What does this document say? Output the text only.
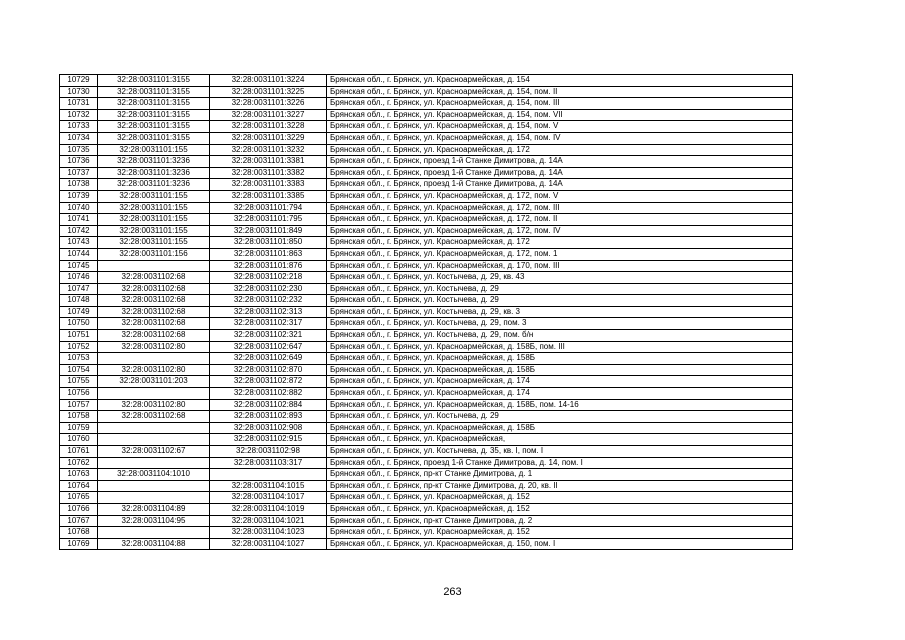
10729	32:28:0031101:3155	32:28:0031101:3224	Брянская обл., г. Брянск, ул. Красноармейская, д. 154
10730	32:28:0031101:3155	32:28:0031101:3225	Брянская обл., г. Брянск, ул. Красноармейская, д. 154, пом. II
10731	32:28:0031101:3155	32:28:0031101:3226	Брянская обл., г. Брянск, ул. Красноармейская, д. 154, пом. III
10732	32:28:0031101:3155	32:28:0031101:3227	Брянская обл., г. Брянск, ул. Красноармейская, д. 154, пом. VII
10733	32:28:0031101:3155	32:28:0031101:3228	Брянская обл., г. Брянск, ул. Красноармейская, д. 154, пом. V
10734	32:28:0031101:3155	32:28:0031101:3229	Брянская обл., г. Брянск, ул. Красноармейская, д. 154, пом. IV
10735	32:28:0031101:155	32:28:0031101:3232	Брянская обл., г. Брянск, ул. Красноармейская, д. 172
10736	32:28:0031101:3236	32:28:0031101:3381	Брянская обл., г. Брянск, проезд 1-й Станке Димитрова, д. 14А
10737	32:28:0031101:3236	32:28:0031101:3382	Брянская обл., г. Брянск, проезд 1-й Станке Димитрова, д. 14А
10738	32:28:0031101:3236	32:28:0031101:3383	Брянская обл., г. Брянск, проезд 1-й Станке Димитрова, д. 14А
10739	32:28:0031101:155	32:28:0031101:3385	Брянская обл., г. Брянск, ул. Красноармейская, д. 172, пом. V
10740	32:28:0031101:155	32:28:0031101:794	Брянская обл., г. Брянск, ул. Красноармейская, д. 172, пом. III
10741	32:28:0031101:155	32:28:0031101:795	Брянская обл., г. Брянск, ул. Красноармейская, д. 172, пом. II
10742	32:28:0031101:155	32:28:0031101:849	Брянская обл., г. Брянск, ул. Красноармейская, д. 172, пом. IV
10743	32:28:0031101:155	32:28:0031101:850	Брянская обл., г. Брянск, ул. Красноармейская, д. 172
10744	32:28:0031101:156	32:28:0031101:863	Брянская обл., г. Брянск, ул. Красноармейская, д. 172, пом. 1
10745		32:28:0031101:876	Брянская обл., г. Брянск, ул. Красноармейская, д. 170, пом. III
10746	32:28:0031102:68	32:28:0031102:218	Брянская обл., г. Брянск, ул. Костычева, д. 29, кв. 43
10747	32:28:0031102:68	32:28:0031102:230	Брянская обл., г. Брянск, ул. Костычева, д. 29
10748	32:28:0031102:68	32:28:0031102:232	Брянская обл., г. Брянск, ул. Костычева, д. 29
10749	32:28:0031102:68	32:28:0031102:313	Брянская обл., г. Брянск, ул. Костычева, д. 29, кв. 3
10750	32:28:0031102:68	32:28:0031102:317	Брянская обл., г. Брянск, ул. Костычева, д. 29, пом. 3
10751	32:28:0031102:68	32:28:0031102:321	Брянская обл., г. Брянск, ул. Костычева, д. 29, пом. б/н
10752	32:28:0031102:80	32:28:0031102:647	Брянская обл., г. Брянск, ул. Красноармейская, д. 158Б, пом. III
10753		32:28:0031102:649	Брянская обл., г. Брянск, ул. Красноармейская, д. 158Б
10754	32:28:0031102:80	32:28:0031102:870	Брянская обл., г. Брянск, ул. Красноармейская, д. 158Б
10755	32:28:0031101:203	32:28:0031102:872	Брянская обл., г. Брянск, ул. Красноармейская, д. 174
10756		32:28:0031102:882	Брянская обл., г. Брянск, ул. Красноармейская, д. 174
10757	32:28:0031102:80	32:28:0031102:884	Брянская обл., г. Брянск, ул. Красноармейская, д. 158Б, пом. 14-16
10758	32:28:0031102:68	32:28:0031102:893	Брянская обл., г. Брянск, ул. Костычева, д. 29
10759		32:28:0031102:908	Брянская обл., г. Брянск, ул. Красноармейская, д. 158Б
10760		32:28:0031102:915	Брянская обл., г. Брянск, ул. Красноармейская,
10761	32:28:0031102:67	32:28:0031102:98	Брянская обл., г. Брянск, ул. Костычева, д. 35, кв. I, пом. I
10762		32:28:0031103:317	Брянская обл., г. Брянск, проезд 1-й Станке Димитрова, д. 14, пом. I
10763	32:28:0031104:1010		Брянская обл., г. Брянск, пр-кт Станке Димитрова, д. 1
10764		32:28:0031104:1015	Брянская обл., г. Брянск, пр-кт Станке Димитрова, д. 20, кв. II
10765		32:28:0031104:1017	Брянская обл., г. Брянск, ул. Красноармейская, д. 152
10766	32:28:0031104:89	32:28:0031104:1019	Брянская обл., г. Брянск, ул. Красноармейская, д. 152
10767	32:28:0031104:95	32:28:0031104:1021	Брянская обл., г. Брянск, пр-кт Станке Димитрова, д. 2
10768		32:28:0031104:1023	Брянская обл., г. Брянск, ул. Красноармейская, д. 152
10769	32:28:0031104:88	32:28:0031104:1027	Брянская обл., г. Брянск, ул. Красноармейская, д. 150, пом. I
263
